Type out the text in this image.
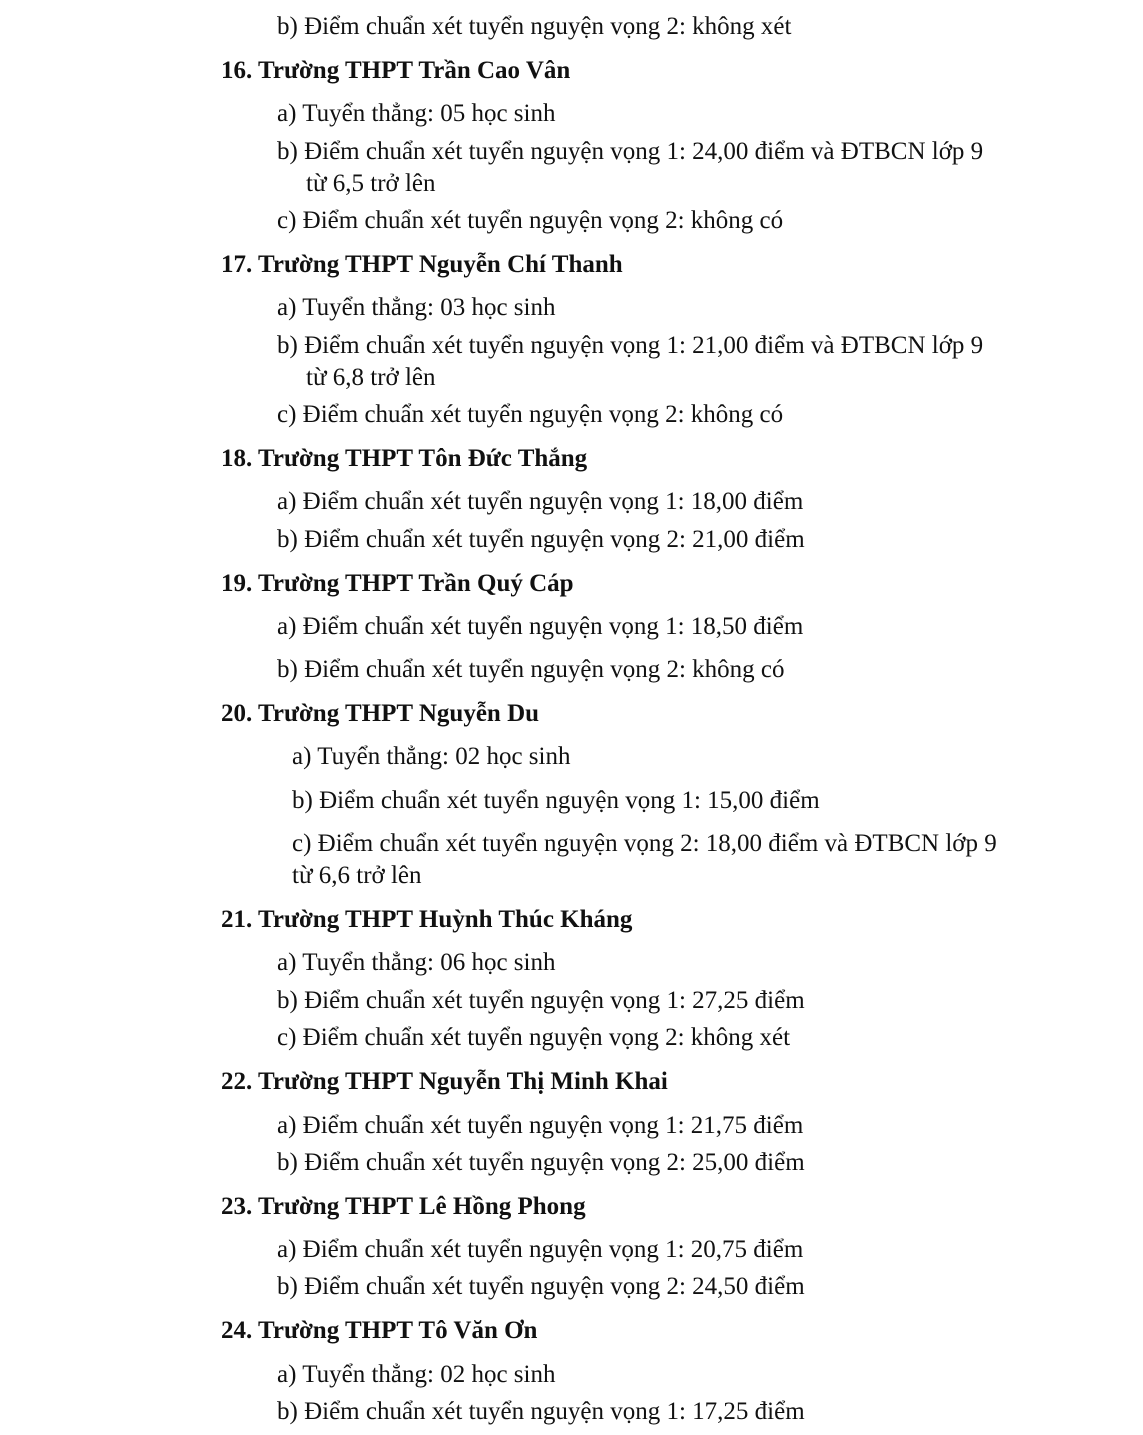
b) Điểm chuẩn xét tuyển nguyện vọng 2: không xét
16. Trường THPT Trần Cao Vân
a) Tuyển thẳng: 05 học sinh
b) Điểm chuẩn xét tuyển nguyện vọng 1: 24,00 điểm và ĐTBCN lớp 9
từ 6,5 trở lên
c) Điểm chuẩn xét tuyển nguyện vọng 2: không có
17. Trường THPT Nguyễn Chí Thanh
a) Tuyển thẳng: 03 học sinh
b) Điểm chuẩn xét tuyển nguyện vọng 1: 21,00 điểm và ĐTBCN lớp 9
từ 6,8 trở lên
c) Điểm chuẩn xét tuyển nguyện vọng 2: không có
18. Trường THPT Tôn Đức Thắng
a) Điểm chuẩn xét tuyển nguyện vọng 1: 18,00 điểm
b) Điểm chuẩn xét tuyển nguyện vọng 2: 21,00 điểm
19. Trường THPT Trần Quý Cáp
a) Điểm chuẩn xét tuyển nguyện vọng 1: 18,50 điểm
b) Điểm chuẩn xét tuyển nguyện vọng 2: không có
20. Trường THPT Nguyễn Du
a) Tuyển thẳng: 02 học sinh
b) Điểm chuẩn xét tuyển nguyện vọng 1: 15,00 điểm
c) Điểm chuẩn xét tuyển nguyện vọng 2: 18,00 điểm và ĐTBCN lớp 9
từ 6,6 trở lên
21. Trường THPT Huỳnh Thúc Kháng
a) Tuyển thẳng: 06 học sinh
b) Điểm chuẩn xét tuyển nguyện vọng 1: 27,25 điểm
c) Điểm chuẩn xét tuyển nguyện vọng 2: không xét
22. Trường THPT Nguyễn Thị Minh Khai
a) Điểm chuẩn xét tuyển nguyện vọng 1: 21,75 điểm
b) Điểm chuẩn xét tuyển nguyện vọng 2: 25,00 điểm
23. Trường THPT Lê Hồng Phong
a) Điểm chuẩn xét tuyển nguyện vọng 1: 20,75 điểm
b) Điểm chuẩn xét tuyển nguyện vọng 2: 24,50 điểm
24. Trường THPT Tô Văn Ơn
a) Tuyển thẳng: 02 học sinh
b) Điểm chuẩn xét tuyển nguyện vọng 1: 17,25 điểm
